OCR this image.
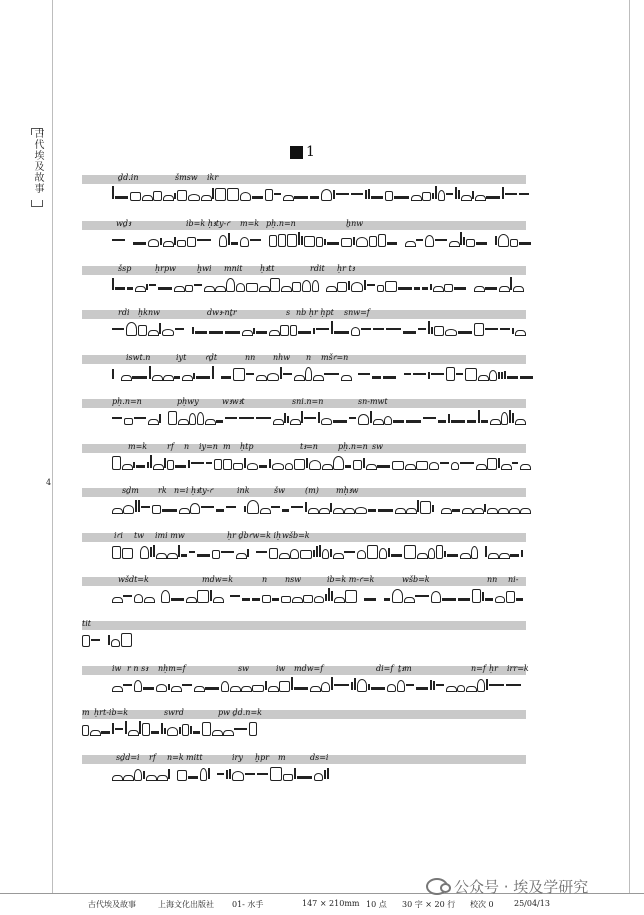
古代埃及故事
4
1
ḏd.in	šmsw ikr
wḏꜣ	ib=k ḥꜣty-ꜥ m=k pḥ.n=n	ẖnw
šsp	ḥrpw	ḫwi mnit ḥꜣtt	rdit ḥr tꜣ
rdi ḥknw	dwꜣ-nṯr	s nb ḥr ḥpt snw=f
iswt.n	iyt ꜥḏt	nn nhw n mšꜥ=n
pḥ.n=n	pḥwy	wꜣwꜣt	sni.n=n	sn-mwt
m=k rf n iy=n m ḥtp	tꜣ=n	pḥ.n=n sw
sḏm rk n=i ḥꜣty-ꜥ	ink	šw	(m) mḥꜣw
iꜥi tw imi mw	ḥr ḏbꜥw=k iḥ wšb=k
wšdt=k	mdw=k	n nsw	ib=k m-ꜥ=k	wšb=k	nn ni-
tit
iw r n sꜣ nḥm=f	sw	iw mdw=f	di=f ṯꜣm	n=f ḥr irr=k
m ḥrt-ib=k	swrd	pw ḏd.n=k
sḏd=i rf n=k mitt	iry ḫpr m	ds=i
古代埃及故事	上海文化出版社 01- 水手	147 × 210mm 10 点 30 字 × 20 行 校次 0	25/04/13
公众号 · 埃及学研究
